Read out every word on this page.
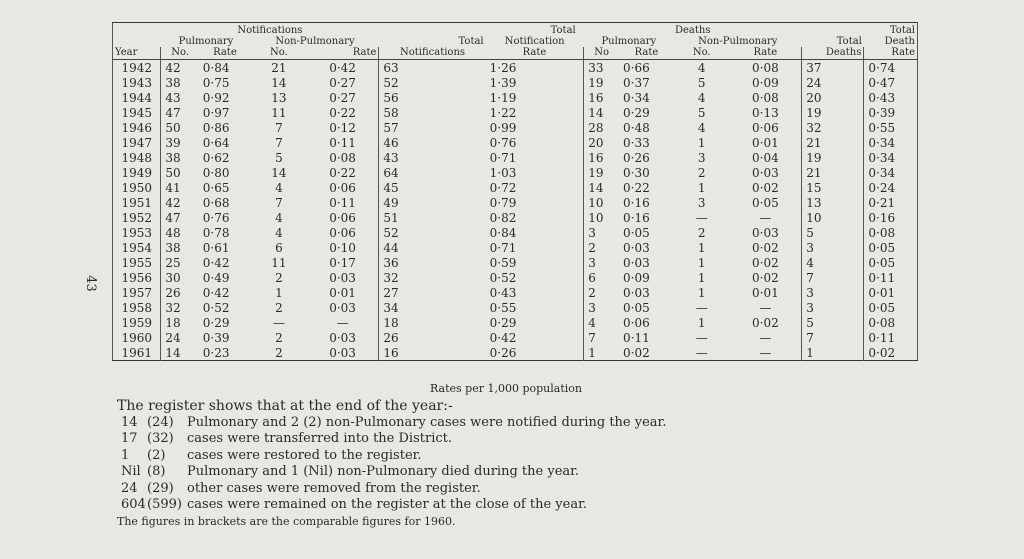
43
	Notifications				Total		Deaths					Total
	Pulmonary		Non-Pulmonary		Total	Notification	Pulmonary		Non-Pulmonary		Total	Death
Year	No.	Rate	No.	Rate	Notifications	Rate	No	Rate	No.	Rate	Deaths	Rate
1942	42	0·84	21	0·42	63	1·26	33	0·66	4	0·08	37	0·74
1943	38	0·75	14	0·27	52	1·39	19	0·37	5	0·09	24	0·47
1944	43	0·92	13	0·27	56	1·19	16	0·34	4	0·08	20	0·43
1945	47	0·97	11	0·22	58	1·22	14	0·29	5	0·13	19	0·39
1946	50	0·86	7	0·12	57	0·99	28	0·48	4	0·06	32	0·55
1947	39	0·64	7	0·11	46	0·76	20	0·33	1	0·01	21	0·34
1948	38	0·62	5	0·08	43	0·71	16	0·26	3	0·04	19	0·34
1949	50	0·80	14	0·22	64	1·03	19	0·30	2	0·03	21	0·34
1950	41	0·65	4	0·06	45	0·72	14	0·22	1	0·02	15	0·24
1951	42	0·68	7	0·11	49	0·79	10	0·16	3	0·05	13	0·21
1952	47	0·76	4	0·06	51	0·82	10	0·16	—	—	10	0·16
1953	48	0·78	4	0·06	52	0·84	3	0·05	2	0·03	5	0·08
1954	38	0·61	6	0·10	44	0·71	2	0·03	1	0·02	3	0·05
1955	25	0·42	11	0·17	36	0·59	3	0·03	1	0·02	4	0·05
1956	30	0·49	2	0·03	32	0·52	6	0·09	1	0·02	7	0·11
1957	26	0·42	1	0·01	27	0·43	2	0·03	1	0·01	3	0·01
1958	32	0·52	2	0·03	34	0·55	3	0·05	—	—	3	0·05
1959	18	0·29	—	—	18	0·29	4	0·06	1	0·02	5	0·08
1960	24	0·39	2	0·03	26	0·42	7	0·11	—	—	7	0·11
1961	14	0·23	2	0·03	16	0·26	1	0·02	—	—	1	0·02
Rates per 1,000 population

The register shows that at the end of the year:-

14 (24) Pulmonary and 2 (2) non-Pulmonary cases were notified during the year.

17 (32) cases were transferred into the District.

1 (2) cases were restored to the register.

Nil (8) Pulmonary and 1 (Nil) non-Pulmonary died during the year.

24 (29) other cases were removed from the register.

604(599) cases were remained on the register at the close of the year.

The figures in brackets are the comparable figures for 1960.
